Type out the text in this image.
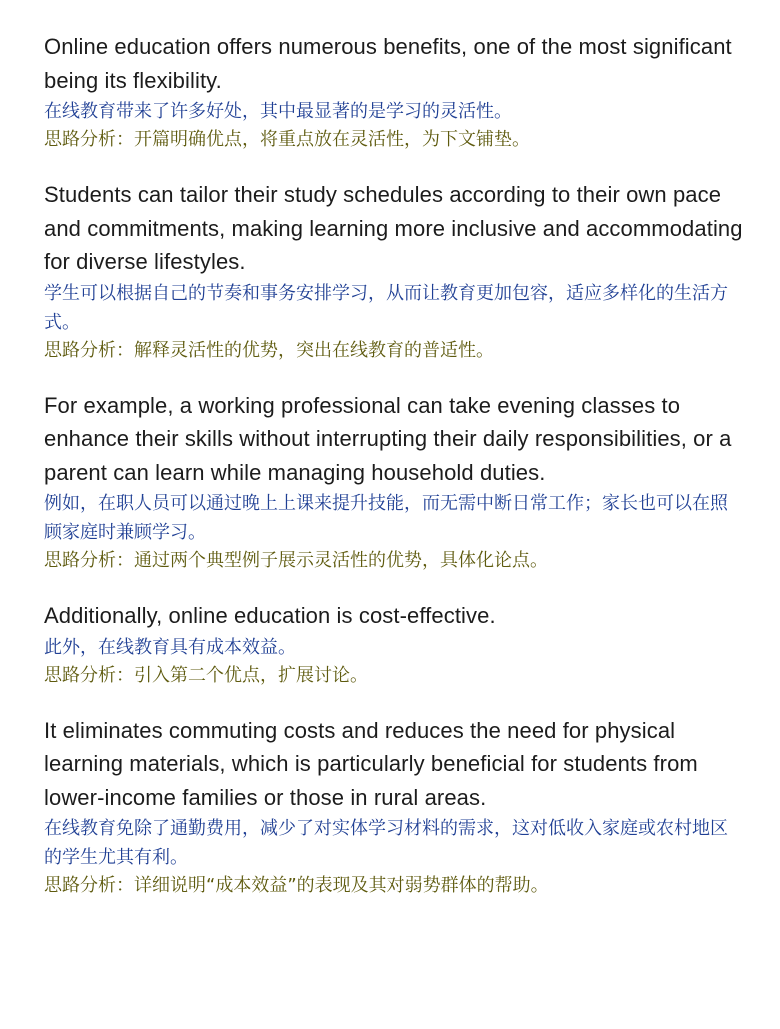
Online education offers numerous benefits, one of the most significant being its flexibility.

在线教育带来了许多好处，其中最显著的是学习的灵活性。

思路分析：开篇明确优点，将重点放在灵活性，为下文铺垫。

Students can tailor their study schedules according to their own pace and commitments, making learning more inclusive and accommodating for diverse lifestyles.

学生可以根据自己的节奏和事务安排学习，从而让教育更加包容，适应多样化的生活方式。

思路分析：解释灵活性的优势，突出在线教育的普适性。

For example, a working professional can take evening classes to enhance their skills without interrupting their daily responsibilities, or a parent can learn while managing household duties.

例如，在职人员可以通过晚上上课来提升技能，而无需中断日常工作；家长也可以在照顾家庭时兼顾学习。

思路分析：通过两个典型例子展示灵活性的优势，具体化论点。

Additionally, online education is cost-effective.

此外，在线教育具有成本效益。

思路分析：引入第二个优点，扩展讨论。

It eliminates commuting costs and reduces the need for physical learning materials, which is particularly beneficial for students from lower-income families or those in rural areas.

在线教育免除了通勤费用，减少了对实体学习材料的需求，这对低收入家庭或农村地区的学生尤其有利。

思路分析：详细说明“成本效益”的表现及其对弱势群体的帮助。
